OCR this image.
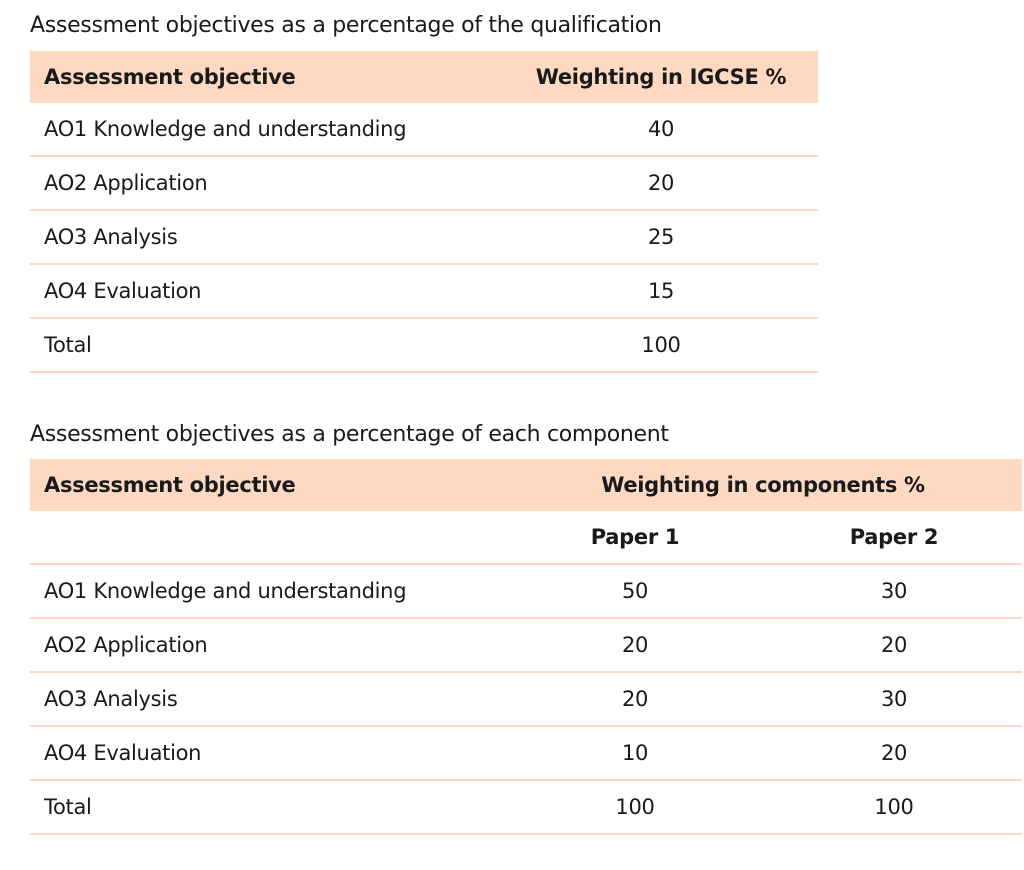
Assessment objectives as a percentage of the qualification
Assessment objective	Weighting in IGCSE %
AO1 Knowledge and understanding	40
AO2 Application	20
AO3 Analysis	25
AO4 Evaluation	15
Total	100
Assessment objectives as a percentage of each component
Assessment objective	Weighting in components %	
	Paper 1	Paper 2
AO1 Knowledge and understanding	50	30
AO2 Application	20	20
AO3 Analysis	20	30
AO4 Evaluation	10	20
Total	100	100
